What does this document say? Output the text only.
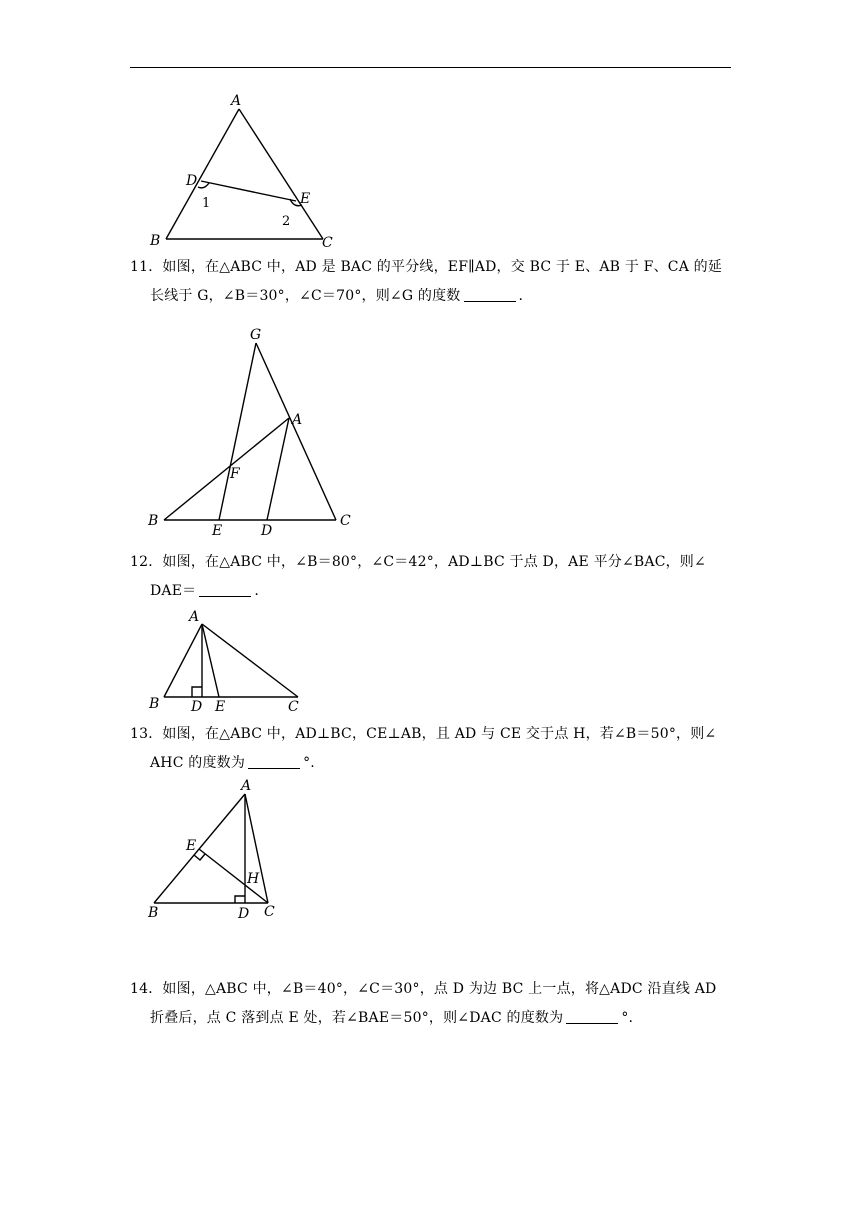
A
D
E
B	C
1
2
11．如图，在△ABC 中，AD 是 BAC 的平分线，EF∥AD，交 BC 于 E、AB 于 F、CA 的延
长线于 G，∠B＝30°，∠C＝70°，则∠G 的度数	.
G
A
F
B
E	D
C
12．如图，在△ABC 中，∠B＝80°，∠C＝42°，AD⊥BC 于点 D，AE 平分∠BAC，则∠
DAE＝	.
A
B D E	C
13．如图，在△ABC 中，AD⊥BC，CE⊥AB，且 AD 与 CE 交于点 H，若∠B＝50°，则∠
AHC 的度数为	°.
A
E
H
B	D C
14．如图，△ABC 中，∠B＝40°，∠C＝30°，点 D 为边 BC 上一点，将△ADC 沿直线 AD
折叠后，点 C 落到点 E 处，若∠BAE＝50°，则∠DAC 的度数为	°.
